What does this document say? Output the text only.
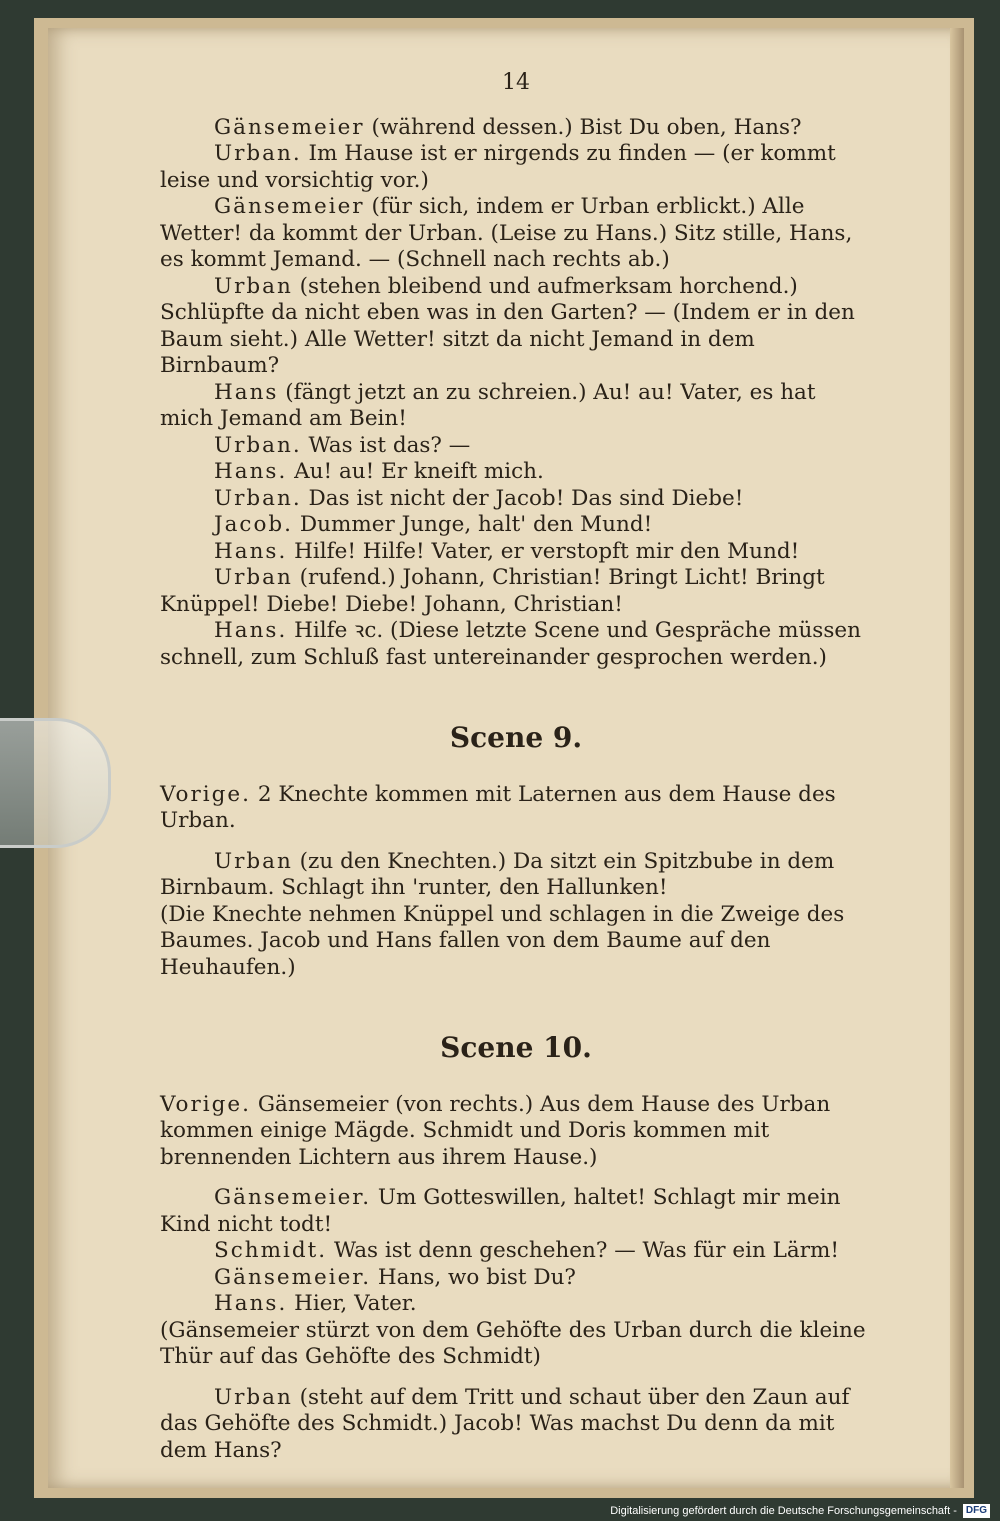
14

Gänsemeier (während dessen.) Bist Du oben, Hans?

Urban. Im Hause ist er nirgends zu finden — (er kommt leise und vorsichtig vor.)

Gänsemeier (für sich, indem er Urban erblickt.) Alle Wetter! da kommt der Urban. (Leise zu Hans.) Sitz stille, Hans, es kommt Jemand. — (Schnell nach rechts ab.)

Urban (stehen bleibend und aufmerksam horchend.) Schlüpfte da nicht eben was in den Garten? — (Indem er in den Baum sieht.) Alle Wetter! sitzt da nicht Jemand in dem Birnbaum?

Hans (fängt jetzt an zu schreien.) Au! au! Vater, es hat mich Jemand am Bein!

Urban. Was ist das? —

Hans. Au! au! Er kneift mich.

Urban. Das ist nicht der Jacob! Das sind Diebe!

Jacob. Dummer Junge, halt' den Mund!

Hans. Hilfe! Hilfe! Vater, er verstopft mir den Mund!

Urban (rufend.) Johann, Christian! Bringt Licht! Bringt Knüppel! Diebe! Diebe! Johann, Christian!

Hans. Hilfe ꝛc. (Diese letzte Scene und Gespräche müssen schnell, zum Schluß fast untereinander gesprochen werden.)

Scene 9.

Vorige. 2 Knechte kommen mit Laternen aus dem Hause des Urban.

Urban (zu den Knechten.) Da sitzt ein Spitzbube in dem Birnbaum. Schlagt ihn 'runter, den Hallunken!

(Die Knechte nehmen Knüppel und schlagen in die Zweige des Baumes. Jacob und Hans fallen von dem Baume auf den Heuhaufen.)

Scene 10.

Vorige. Gänsemeier (von rechts.) Aus dem Hause des Urban kommen einige Mägde. Schmidt und Doris kommen mit brennenden Lichtern aus ihrem Hause.)

Gänsemeier. Um Gotteswillen, haltet! Schlagt mir mein Kind nicht todt!

Schmidt. Was ist denn geschehen? — Was für ein Lärm!

Gänsemeier. Hans, wo bist Du?

Hans. Hier, Vater.

(Gänsemeier stürzt von dem Gehöfte des Urban durch die kleine Thür auf das Gehöfte des Schmidt)

Urban (steht auf dem Tritt und schaut über den Zaun auf das Gehöfte des Schmidt.) Jacob! Was machst Du denn da mit dem Hans?

Digitalisierung gefördert durch die Deutsche Forschungsgemeinschaft - DFG
